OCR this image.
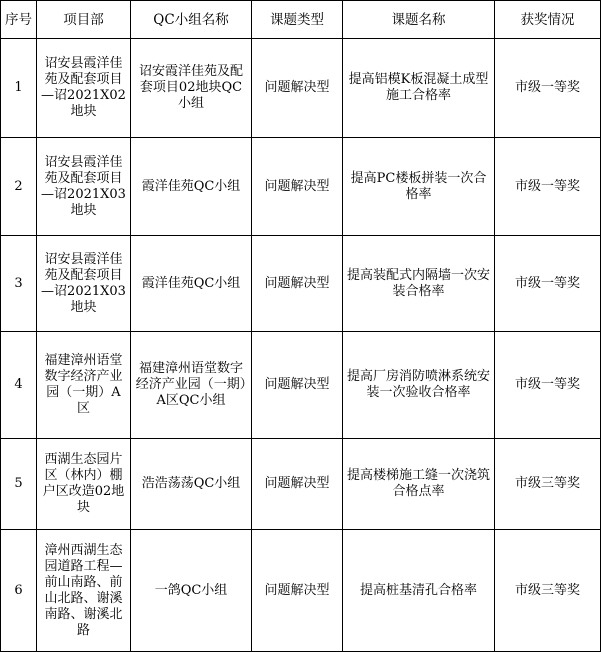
序号	项目部	QC小组名称	课题类型	课题名称	获奖情况
1	诏安县霞洋佳苑及配套项目—诏2021X02地块	诏安霞洋佳苑及配套项目02地块QC小组	问题解决型	提高铝模K板混凝土成型施工合格率	市级一等奖
2	诏安县霞洋佳苑及配套项目—诏2021X03地块	霞洋佳苑QC小组	问题解决型	提高PC楼板拼装一次合格率	市级一等奖
3	诏安县霞洋佳苑及配套项目—诏2021X03地块	霞洋佳苑QC小组	问题解决型	提高装配式内隔墙一次安装合格率	市级一等奖
4	福建漳州语堂数字经济产业园（一期）A区	福建漳州语堂数字经济产业园（一期）A区QC小组	问题解决型	提高厂房消防喷淋系统安装一次验收合格率	市级一等奖
5	西湖生态园片区（林内）棚户区改造02地块	浩浩荡荡QC小组	问题解决型	提高楼梯施工缝一次浇筑合格点率	市级三等奖
6	漳州西湖生态园道路工程—前山南路、前山北路、谢溪南路、谢溪北路	一鸽QC小组	问题解决型	提高桩基清孔合格率	市级三等奖
